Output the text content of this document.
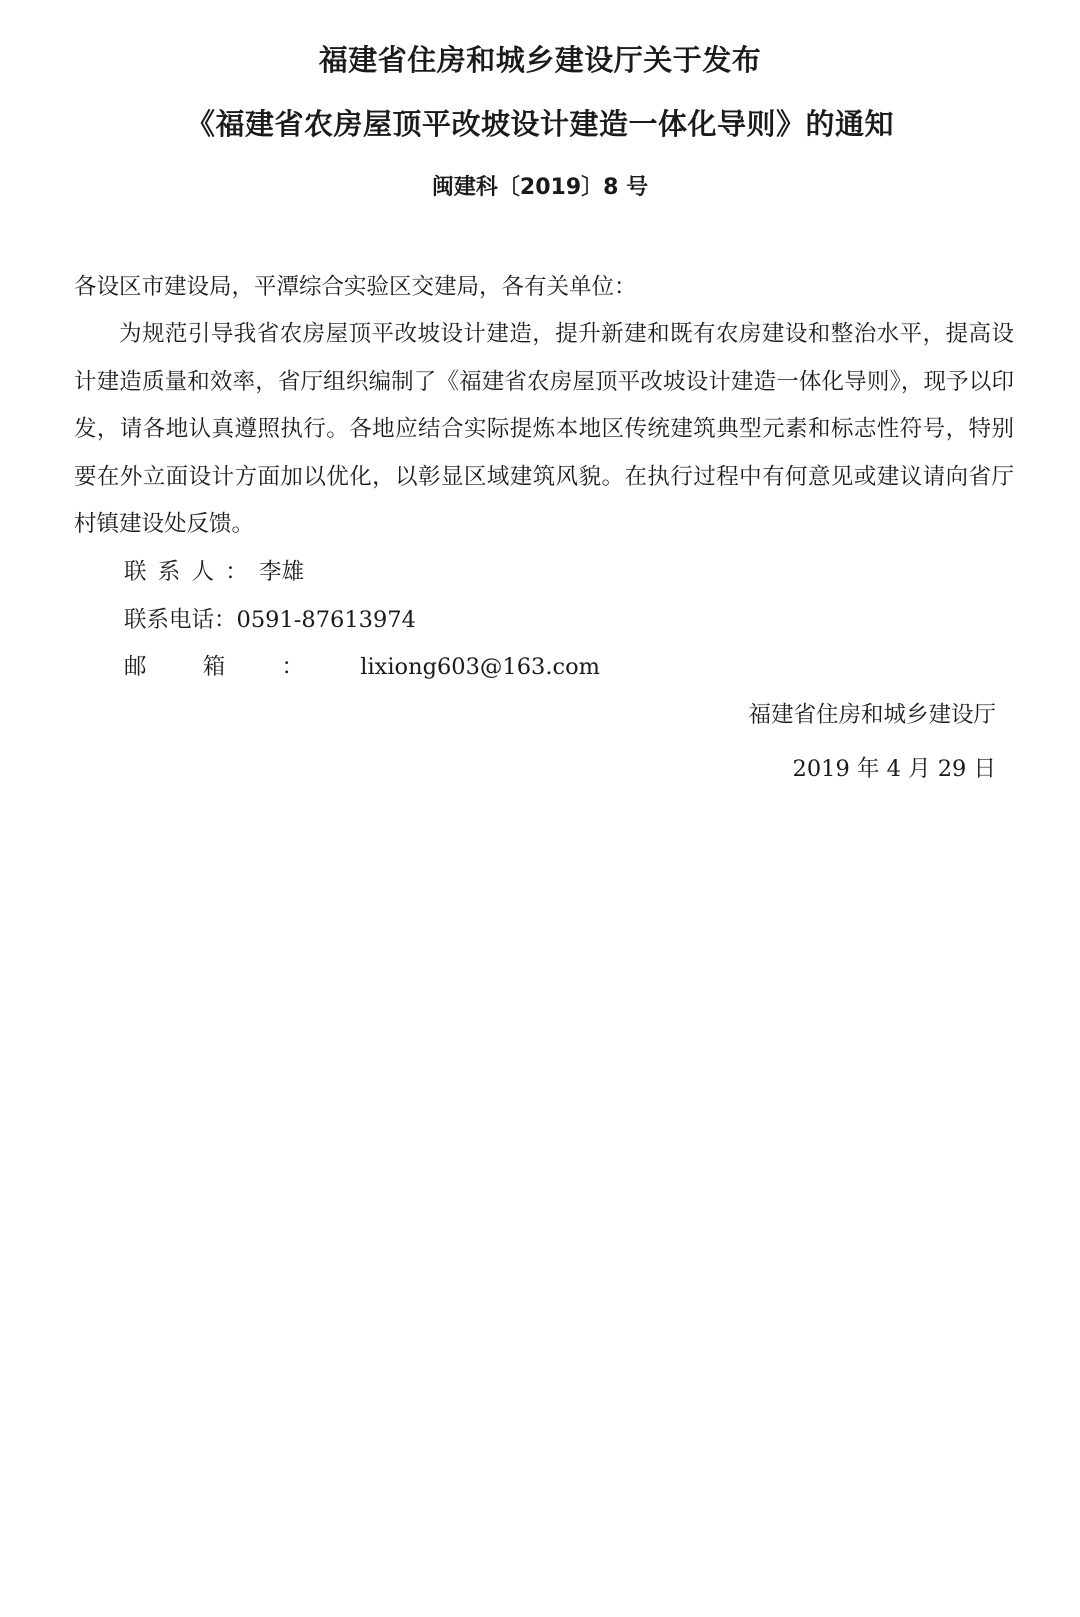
福建省住房和城乡建设厅关于发布
《福建省农房屋顶平改坡设计建造一体化导则》的通知
闽建科〔2019〕8 号
各设区市建设局，平潭综合实验区交建局，各有关单位：

为规范引导我省农房屋顶平改坡设计建造，提升新建和既有农房建设和整治水平，提高设计建造质量和效率，省厅组织编制了《福建省农房屋顶平改坡设计建造一体化导则》，现予以印发，请各地认真遵照执行。各地应结合实际提炼本地区传统建筑典型元素和标志性符号，特别要在外立面设计方面加以优化，以彰显区域建筑风貌。在执行过程中有何意见或建议请向省厅村镇建设处反馈。

联系人：李雄
联系电话：0591-87613974
邮箱：lixiong603@163.com
福建省住房和城乡建设厅
2019 年 4 月 29 日
